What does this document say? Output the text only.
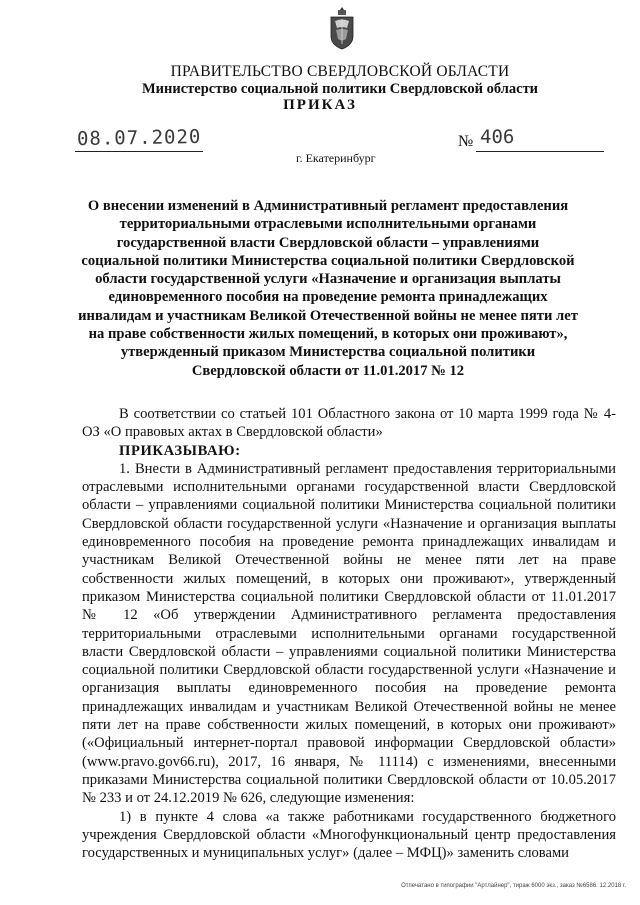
ПРАВИТЕЛЬСТВО СВЕРДЛОВСКОЙ ОБЛАСТИ
Министерство социальной политики Свердловской области
ПРИКАЗ
08.07.2020	№ 406
г. Екатеринбург
О внесении изменений в Административный регламент предоставления территориальными отраслевыми исполнительными органами государственной власти Свердловской области – управлениями социальной политики Министерства социальной политики Свердловской области государственной услуги «Назначение и организация выплаты единовременного пособия на проведение ремонта принадлежащих инвалидам и участникам Великой Отечественной войны не менее пяти лет на праве собственности жилых помещений, в которых они проживают», утвержденный приказом Министерства социальной политики Свердловской области от 11.01.2017 № 12

В соответствии со статьей 101 Областного закона от 10 марта 1999 года № 4-ОЗ «О правовых актах в Свердловской области»

ПРИКАЗЫВАЮ:

1. Внести в Административный регламент предоставления территориальными отраслевыми исполнительными органами государственной власти Свердловской области – управлениями социальной политики Министерства социальной политики Свердловской области государственной услуги «Назначение и организация выплаты единовременного пособия на проведение ремонта принадлежащих инвалидам и участникам Великой Отечественной войны не менее пяти лет на праве собственности жилых помещений, в которых они проживают», утвержденный приказом Министерства социальной политики Свердловской области от 11.01.2017 № 12 «Об утверждении Административного регламента предоставления территориальными отраслевыми исполнительными органами государственной власти Свердловской области – управлениями социальной политики Министерства социальной политики Свердловской области государственной услуги «Назначение и организация выплаты единовременного пособия на проведение ремонта принадлежащих инвалидам и участникам Великой Отечественной войны не менее пяти лет на праве собственности жилых помещений, в которых они проживают» («Официальный интернет-портал правовой информации Свердловской области» (www.pravo.gov66.ru), 2017, 16 января, № 11114) с изменениями, внесенными приказами Министерства социальной политики Свердловской области от 10.05.2017 № 233 и от 24.12.2019 № 626, следующие изменения:

1) в пункте 4 слова «а также работниками государственного бюджетного учреждения Свердловской области «Многофункциональный центр предоставления государственных и муниципальных услуг» (далее – МФЦ)» заменить словами

Отпечатано в типографии "Артлайнер", тираж 6000 экз., заказ №6586. 12.2018 г.
